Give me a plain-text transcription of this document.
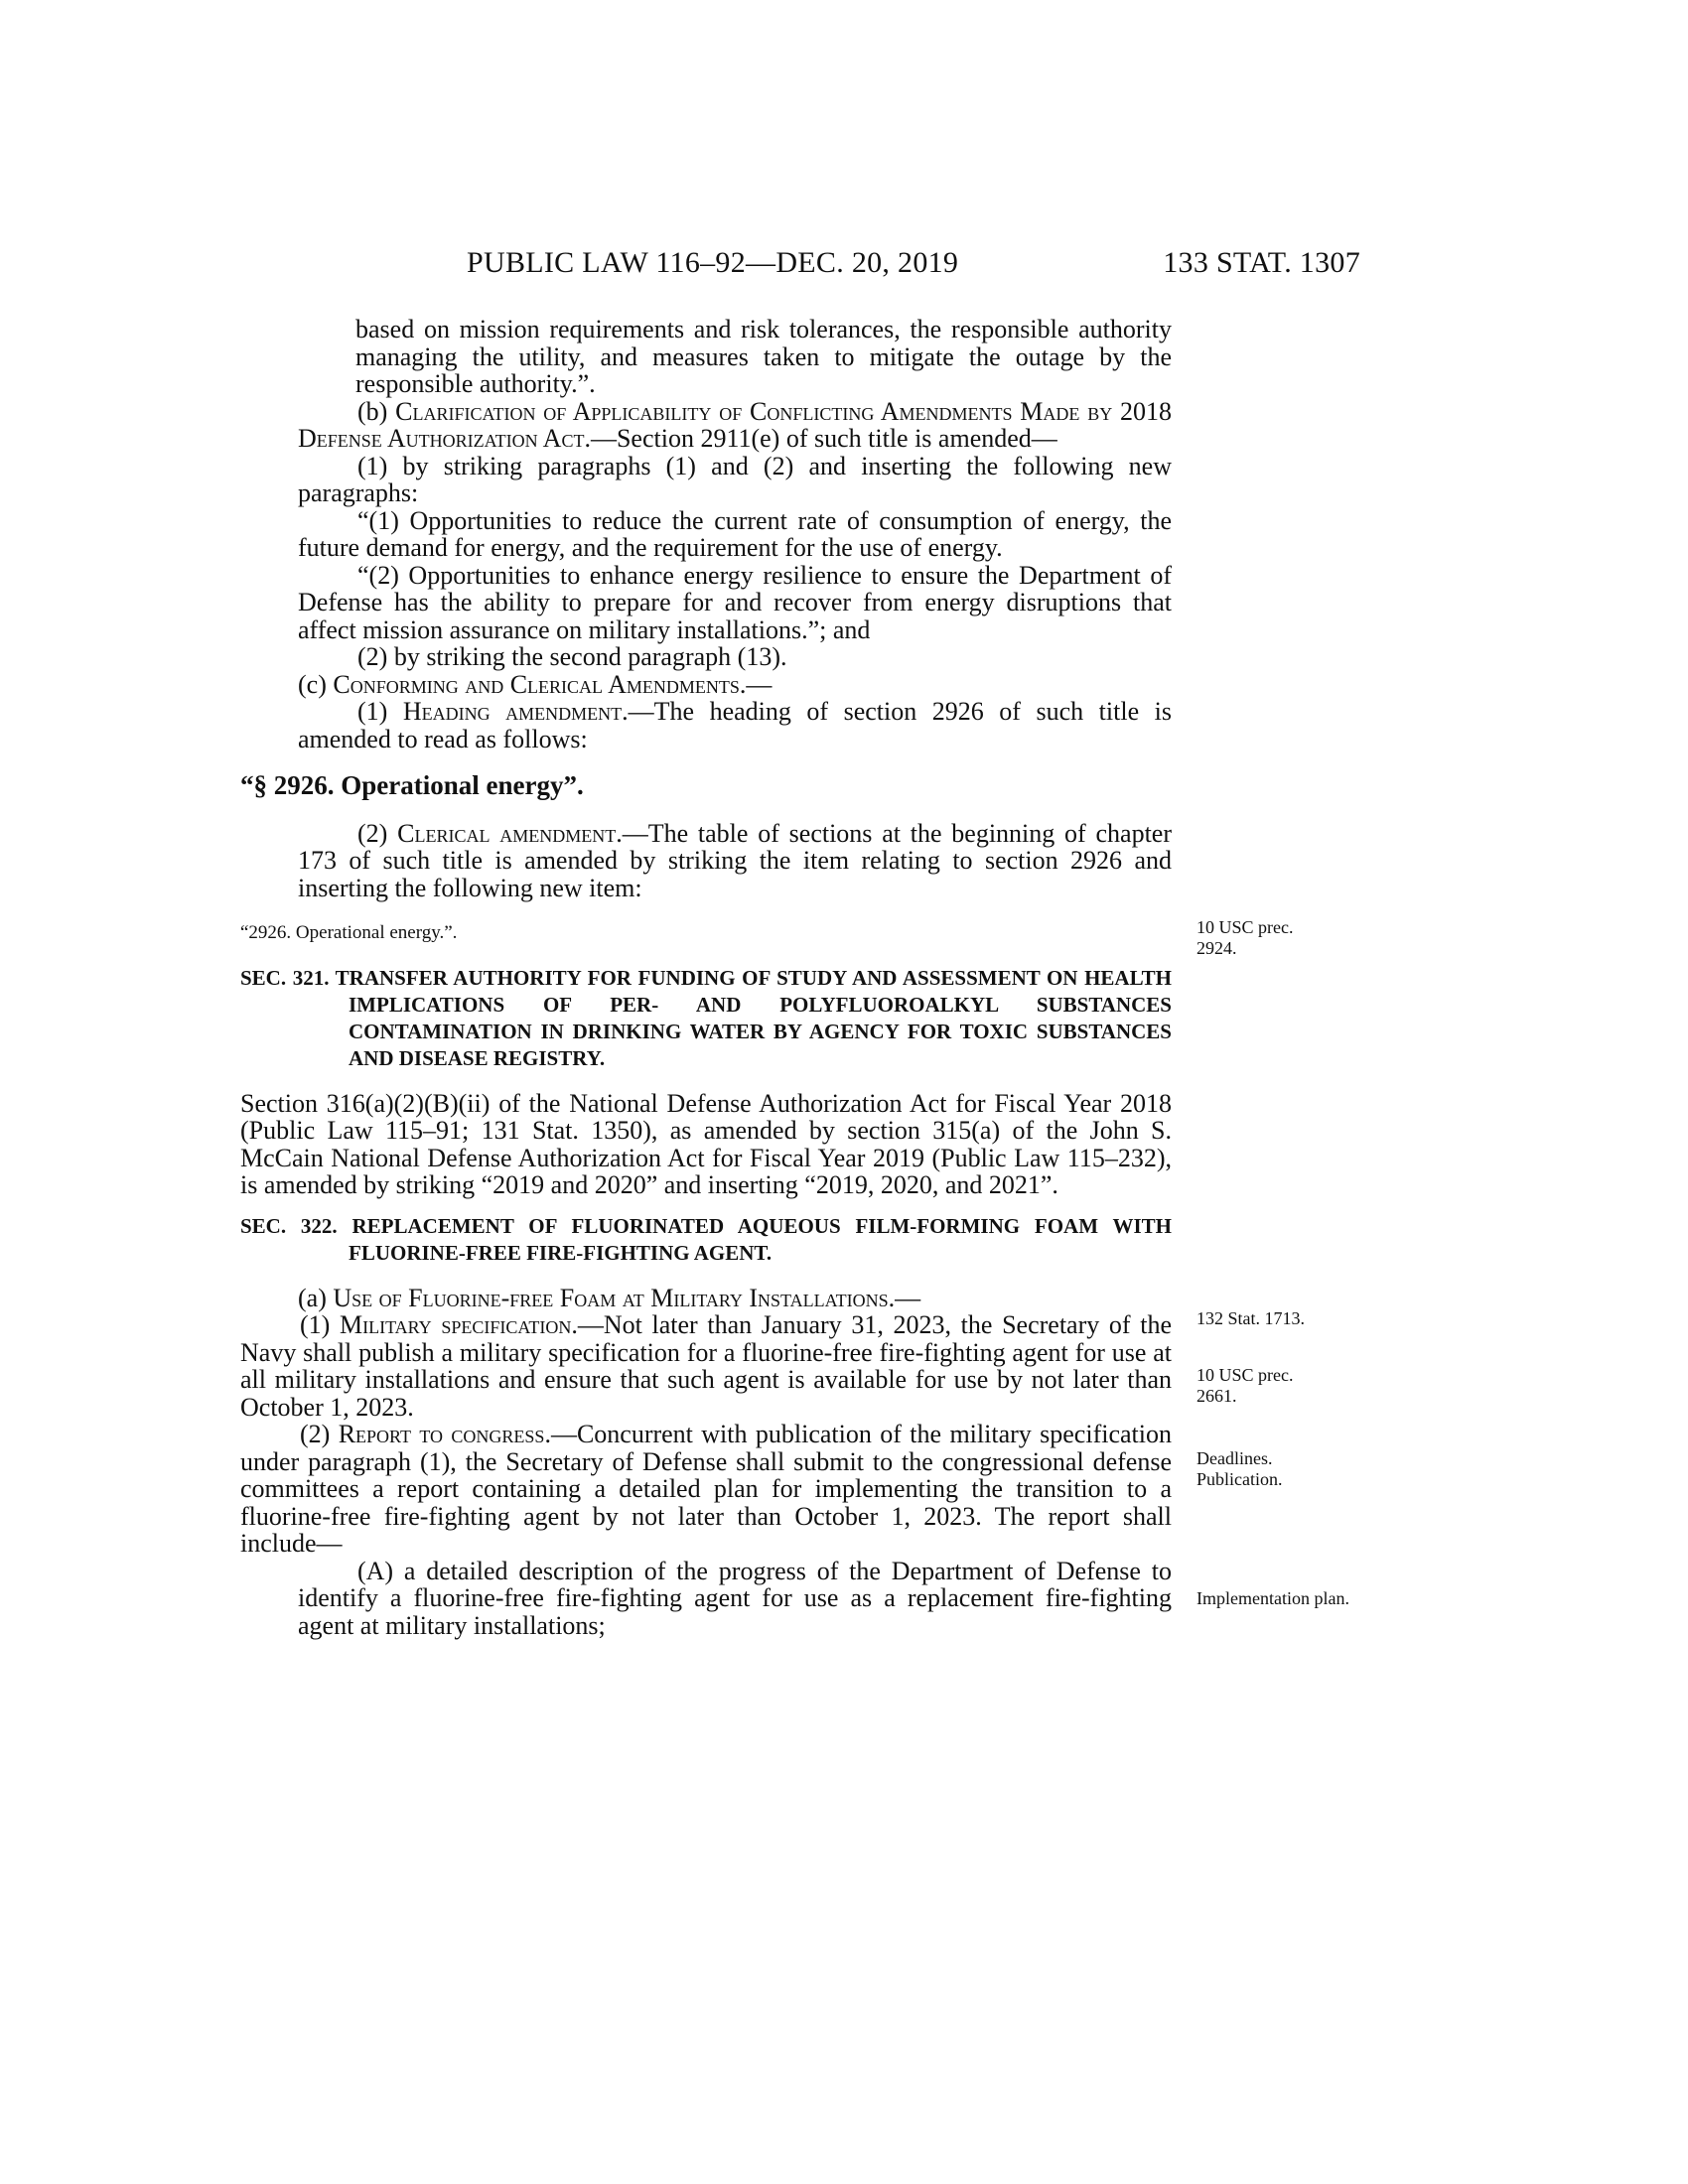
PUBLIC LAW 116–92—DEC. 20, 2019	133 STAT. 1307

based on mission requirements and risk tolerances, the responsible authority managing the utility, and measures taken to mitigate the outage by the responsible authority.”.

(b) Clarification of Applicability of Conflicting Amendments Made by 2018 Defense Authorization Act.—Section 2911(e) of such title is amended—

(1) by striking paragraphs (1) and (2) and inserting the following new paragraphs:

“(1) Opportunities to reduce the current rate of consumption of energy, the future demand for energy, and the requirement for the use of energy.

“(2) Opportunities to enhance energy resilience to ensure the Department of Defense has the ability to prepare for and recover from energy disruptions that affect mission assurance on military installations.”; and

(2) by striking the second paragraph (13).

(c) Conforming and Clerical Amendments.—

(1) Heading amendment.—The heading of section 2926 of such title is amended to read as follows:

“§ 2926. Operational energy”.

(2) Clerical amendment.—The table of sections at the beginning of chapter 173 of such title is amended by striking the item relating to section 2926 and inserting the following new item:

“2926. Operational energy.”.

SEC. 321. TRANSFER AUTHORITY FOR FUNDING OF STUDY AND ASSESSMENT ON HEALTH IMPLICATIONS OF PER- AND POLYFLUOROALKYL SUBSTANCES CONTAMINATION IN DRINKING WATER BY AGENCY FOR TOXIC SUBSTANCES AND DISEASE REGISTRY.

Section 316(a)(2)(B)(ii) of the National Defense Authorization Act for Fiscal Year 2018 (Public Law 115–91; 131 Stat. 1350), as amended by section 315(a) of the John S. McCain National Defense Authorization Act for Fiscal Year 2019 (Public Law 115–232), is amended by striking “2019 and 2020” and inserting “2019, 2020, and 2021”.

SEC. 322. REPLACEMENT OF FLUORINATED AQUEOUS FILM-FORMING FOAM WITH FLUORINE-FREE FIRE-FIGHTING AGENT.

(a) Use of Fluorine-free Foam at Military Installations.—

(1) Military specification.—Not later than January 31, 2023, the Secretary of the Navy shall publish a military specification for a fluorine-free fire-fighting agent for use at all military installations and ensure that such agent is available for use by not later than October 1, 2023.

(2) Report to congress.—Concurrent with publication of the military specification under paragraph (1), the Secretary of Defense shall submit to the congressional defense committees a report containing a detailed plan for implementing the transition to a fluorine-free fire-fighting agent by not later than October 1, 2023. The report shall include—

(A) a detailed description of the progress of the Department of Defense to identify a fluorine-free fire-fighting agent for use as a replacement fire-fighting agent at military installations;

10 USC prec. 2924.
132 Stat. 1713.
10 USC prec. 2661.
Deadlines. Publication.
Implementation plan.
